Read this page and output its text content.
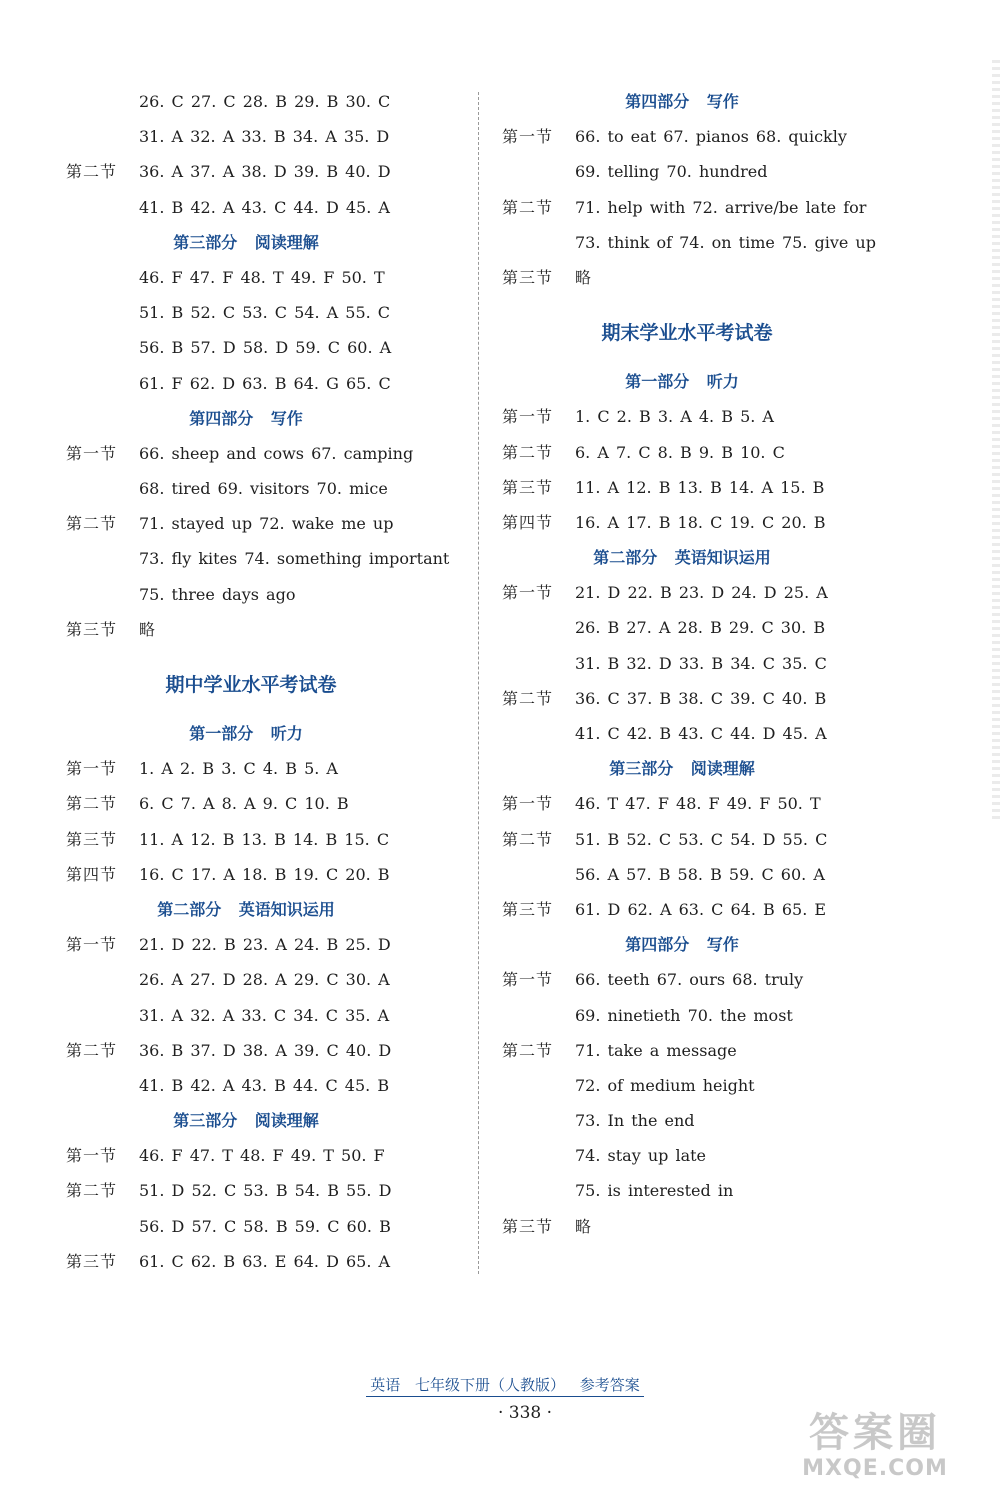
26. C 27. C 28. B 29. B 30. C
31. A 32. A 33. B 34. A 35. D
第二节	36. A 37. A 38. D 39. B 40. D
41. B 42. A 43. C 44. D 45. A
第三部分 阅读理解
46. F 47. F 48. T 49. F 50. T
51. B 52. C 53. C 54. A 55. C
56. B 57. D 58. D 59. C 60. A
61. F 62. D 63. B 64. G 65. C
第四部分 写作
第一节	66. sheep and cows 67. camping
68. tired 69. visitors 70. mice
第二节	71. stayed up 72. wake me up
73. fly kites 74. something important
75. three days ago
第三节	略
期中学业水平考试卷
第一部分 听力
第一节	1. A 2. B 3. C 4. B 5. A
第二节	6. C 7. A 8. A 9. C 10. B
第三节	11. A 12. B 13. B 14. B 15. C
第四节	16. C 17. A 18. B 19. C 20. B
第二部分 英语知识运用
第一节	21. D 22. B 23. A 24. B 25. D
26. A 27. D 28. A 29. C 30. A
31. A 32. A 33. C 34. C 35. A
第二节	36. B 37. D 38. A 39. C 40. D
41. B 42. A 43. B 44. C 45. B
第三部分 阅读理解
第一节	46. F 47. T 48. F 49. T 50. F
第二节	51. D 52. C 53. B 54. B 55. D
56. D 57. C 58. B 59. C 60. B
第三节	61. C 62. B 63. E 64. D 65. A
第四部分 写作
第一节	66. to eat 67. pianos 68. quickly
69. telling 70. hundred
第二节	71. help with 72. arrive/be late for
73. think of 74. on time 75. give up
第三节	略
期末学业水平考试卷
第一部分 听力
第一节	1. C 2. B 3. A 4. B 5. A
第二节	6. A 7. C 8. B 9. B 10. C
第三节	11. A 12. B 13. B 14. A 15. B
第四节	16. A 17. B 18. C 19. C 20. B
第二部分 英语知识运用
第一节	21. D 22. B 23. D 24. D 25. A
26. B 27. A 28. B 29. C 30. B
31. B 32. D 33. B 34. C 35. C
第二节	36. C 37. B 38. C 39. C 40. B
41. C 42. B 43. C 44. D 45. A
第三部分 阅读理解
第一节	46. T 47. F 48. F 49. F 50. T
第二节	51. B 52. C 53. C 54. D 55. C
56. A 57. B 58. B 59. C 60. A
第三节	61. D 62. A 63. C 64. B 65. E
第四部分 写作
第一节	66. teeth 67. ours 68. truly
69. ninetieth 70. the most
第二节	71. take a message
72. of medium height
73. In the end
74. stay up late
75. is interested in
第三节	略
英语 七年级下册（人教版） 参考答案
· 338 ·	答案圈
MXQE.COM
